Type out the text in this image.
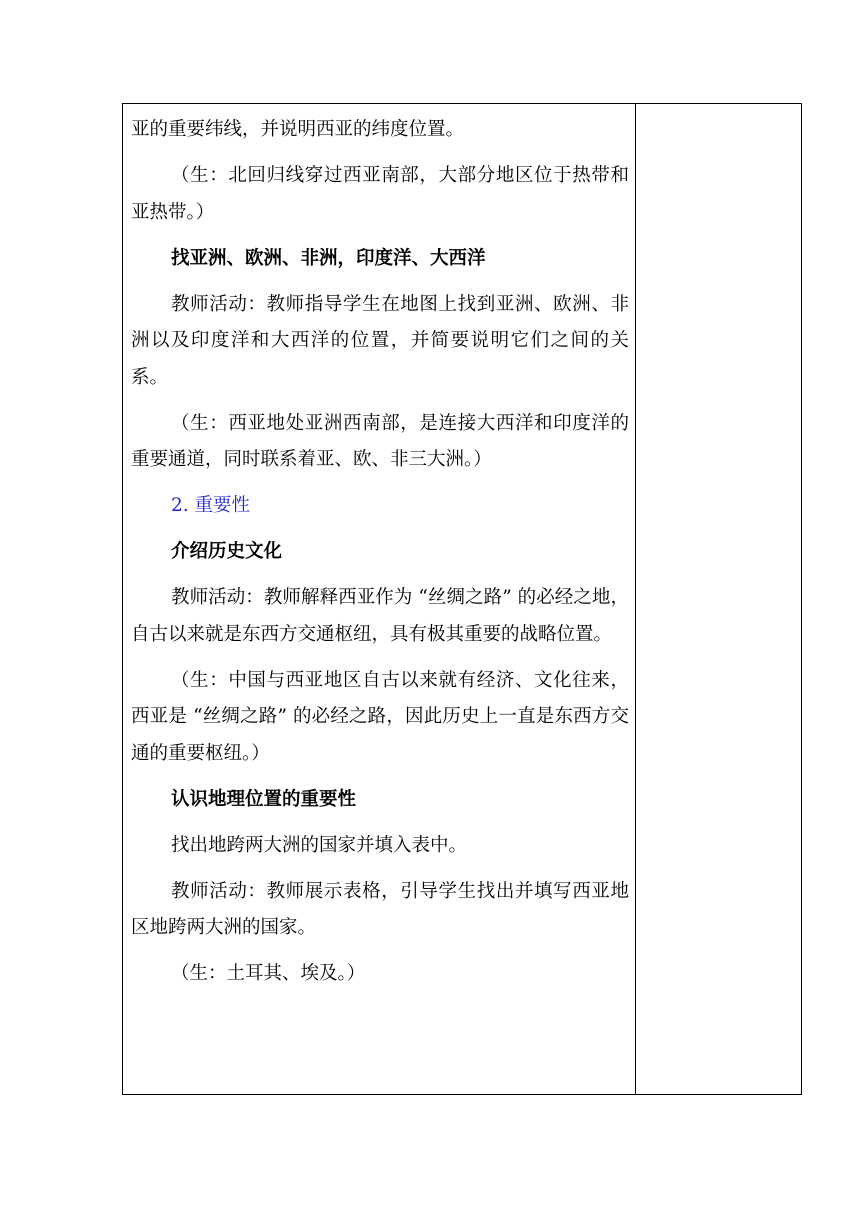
亚的重要纬线，并说明西亚的纬度位置。

（生：北回归线穿过西亚南部，大部分地区位于热带和亚热带。）

找亚洲、欧洲、非洲，印度洋、大西洋

教师活动：教师指导学生在地图上找到亚洲、欧洲、非洲以及印度洋和大西洋的位置，并简要说明它们之间的关系。

（生：西亚地处亚洲西南部，是连接大西洋和印度洋的重要通道，同时联系着亚、欧、非三大洲。）

2. 重要性

介绍历史文化

教师活动：教师解释西亚作为 “丝绸之路” 的必经之地，自古以来就是东西方交通枢纽，具有极其重要的战略位置。

（生：中国与西亚地区自古以来就有经济、文化往来，西亚是 “丝绸之路” 的必经之路，因此历史上一直是东西方交通的重要枢纽。）

认识地理位置的重要性

找出地跨两大洲的国家并填入表中。

教师活动：教师展示表格，引导学生找出并填写西亚地区地跨两大洲的国家。

（生：土耳其、埃及。）
